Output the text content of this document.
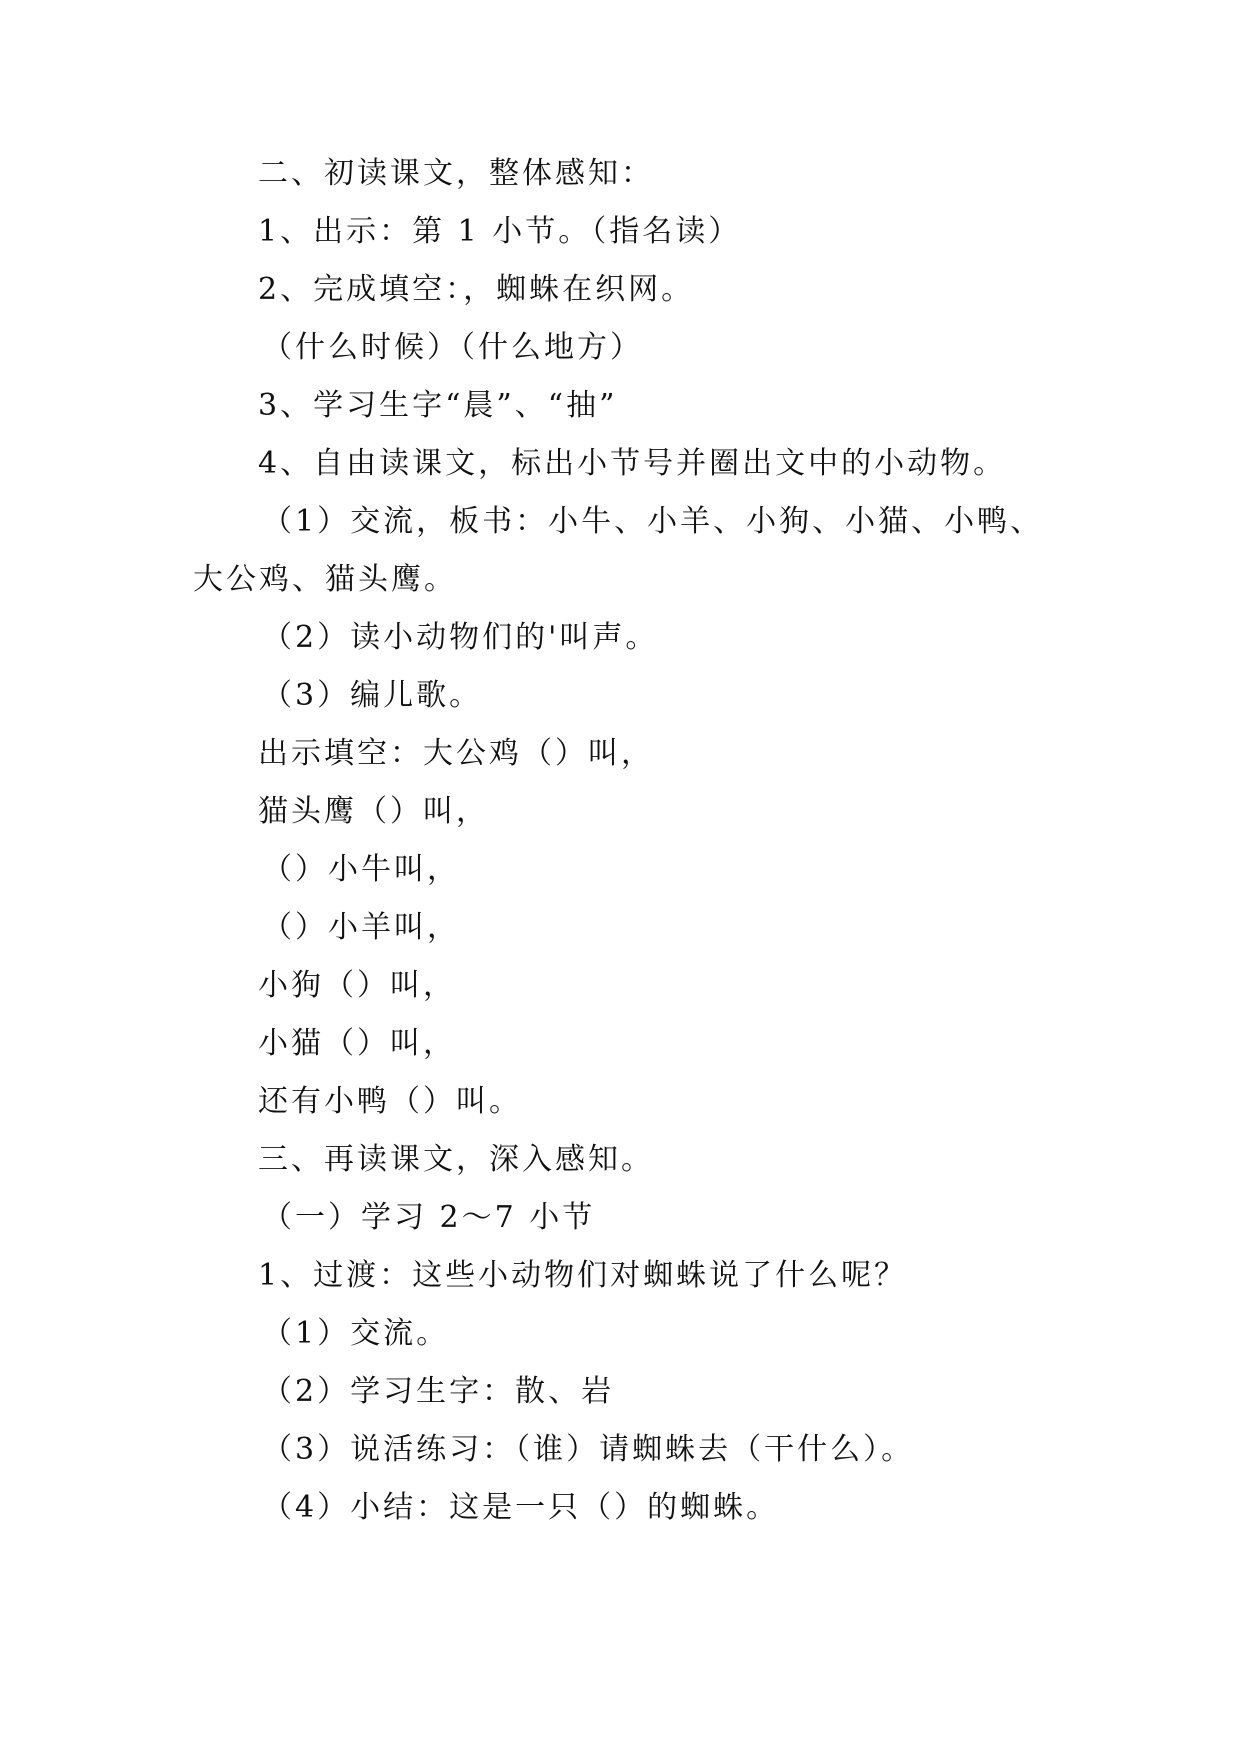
二、初读课文，整体感知：
1、出示：第 1 小节。（指名读）
2、完成填空：，蜘蛛在织网。
（什么时候）（什么地方）
3、学习生字“晨”、“抽”
4、自由读课文，标出小节号并圈出文中的小动物。
（1）交流，板书：小牛、小羊、小狗、小猫、小鸭、
大公鸡、猫头鹰。
（2）读小动物们的'叫声。
（3）编儿歌。
出示填空：大公鸡（）叫，
猫头鹰（）叫，
（）小牛叫，
（）小羊叫，
小狗（）叫，
小猫（）叫，
还有小鸭（）叫。
三、再读课文，深入感知。
（一）学习 2～7 小节
1、过渡：这些小动物们对蜘蛛说了什么呢？
（1）交流。
（2）学习生字：散、岩
（3）说活练习：（谁）请蜘蛛去（干什么）。
（4）小结：这是一只（）的蜘蛛。
